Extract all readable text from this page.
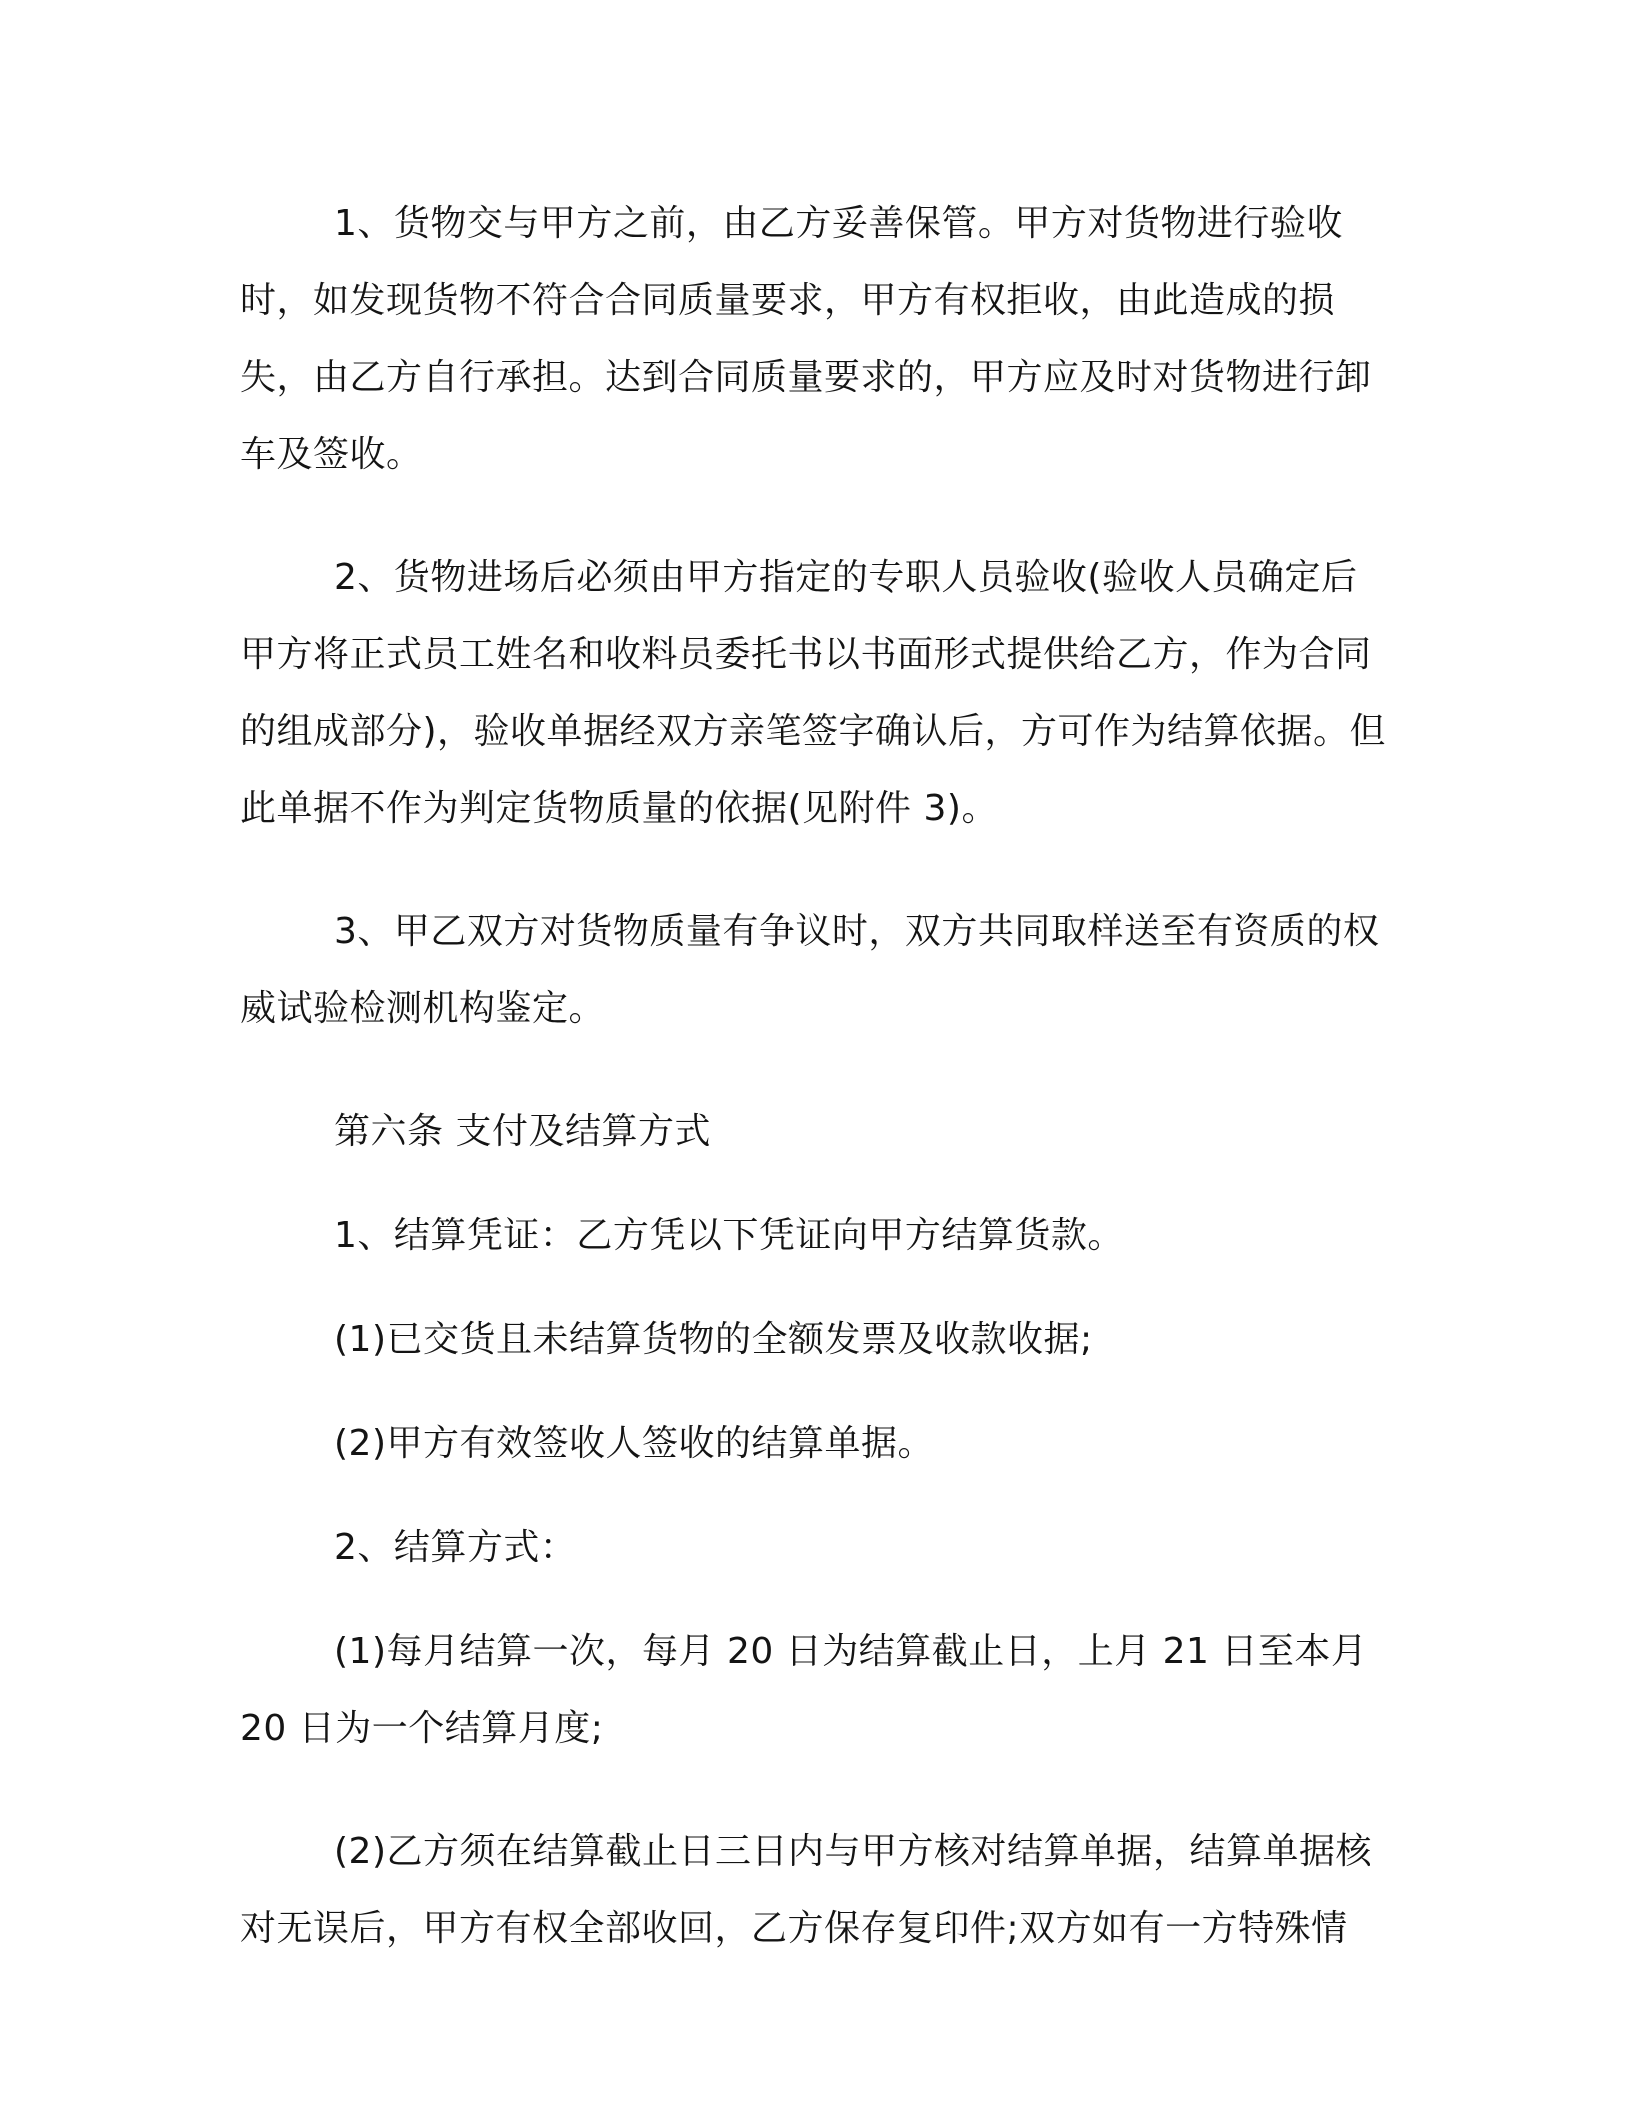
1、货物交与甲方之前，由乙方妥善保管。甲方对货物进行验收时，如发现货物不符合合同质量要求，甲方有权拒收，由此造成的损失，由乙方自行承担。达到合同质量要求的，甲方应及时对货物进行卸车及签收。

2、货物进场后必须由甲方指定的专职人员验收(验收人员确定后甲方将正式员工姓名和收料员委托书以书面形式提供给乙方，作为合同的组成部分)，验收单据经双方亲笔签字确认后，方可作为结算依据。但此单据不作为判定货物质量的依据(见附件 3)。

3、甲乙双方对货物质量有争议时，双方共同取样送至有资质的权威试验检测机构鉴定。

第六条 支付及结算方式

1、结算凭证：乙方凭以下凭证向甲方结算货款。

(1)已交货且未结算货物的全额发票及收款收据;

(2)甲方有效签收人签收的结算单据。

2、结算方式：

(1)每月结算一次，每月 20 日为结算截止日，上月 21 日至本月 20 日为一个结算月度;

(2)乙方须在结算截止日三日内与甲方核对结算单据，结算单据核对无误后，甲方有权全部收回，乙方保存复印件;双方如有一方特殊情
